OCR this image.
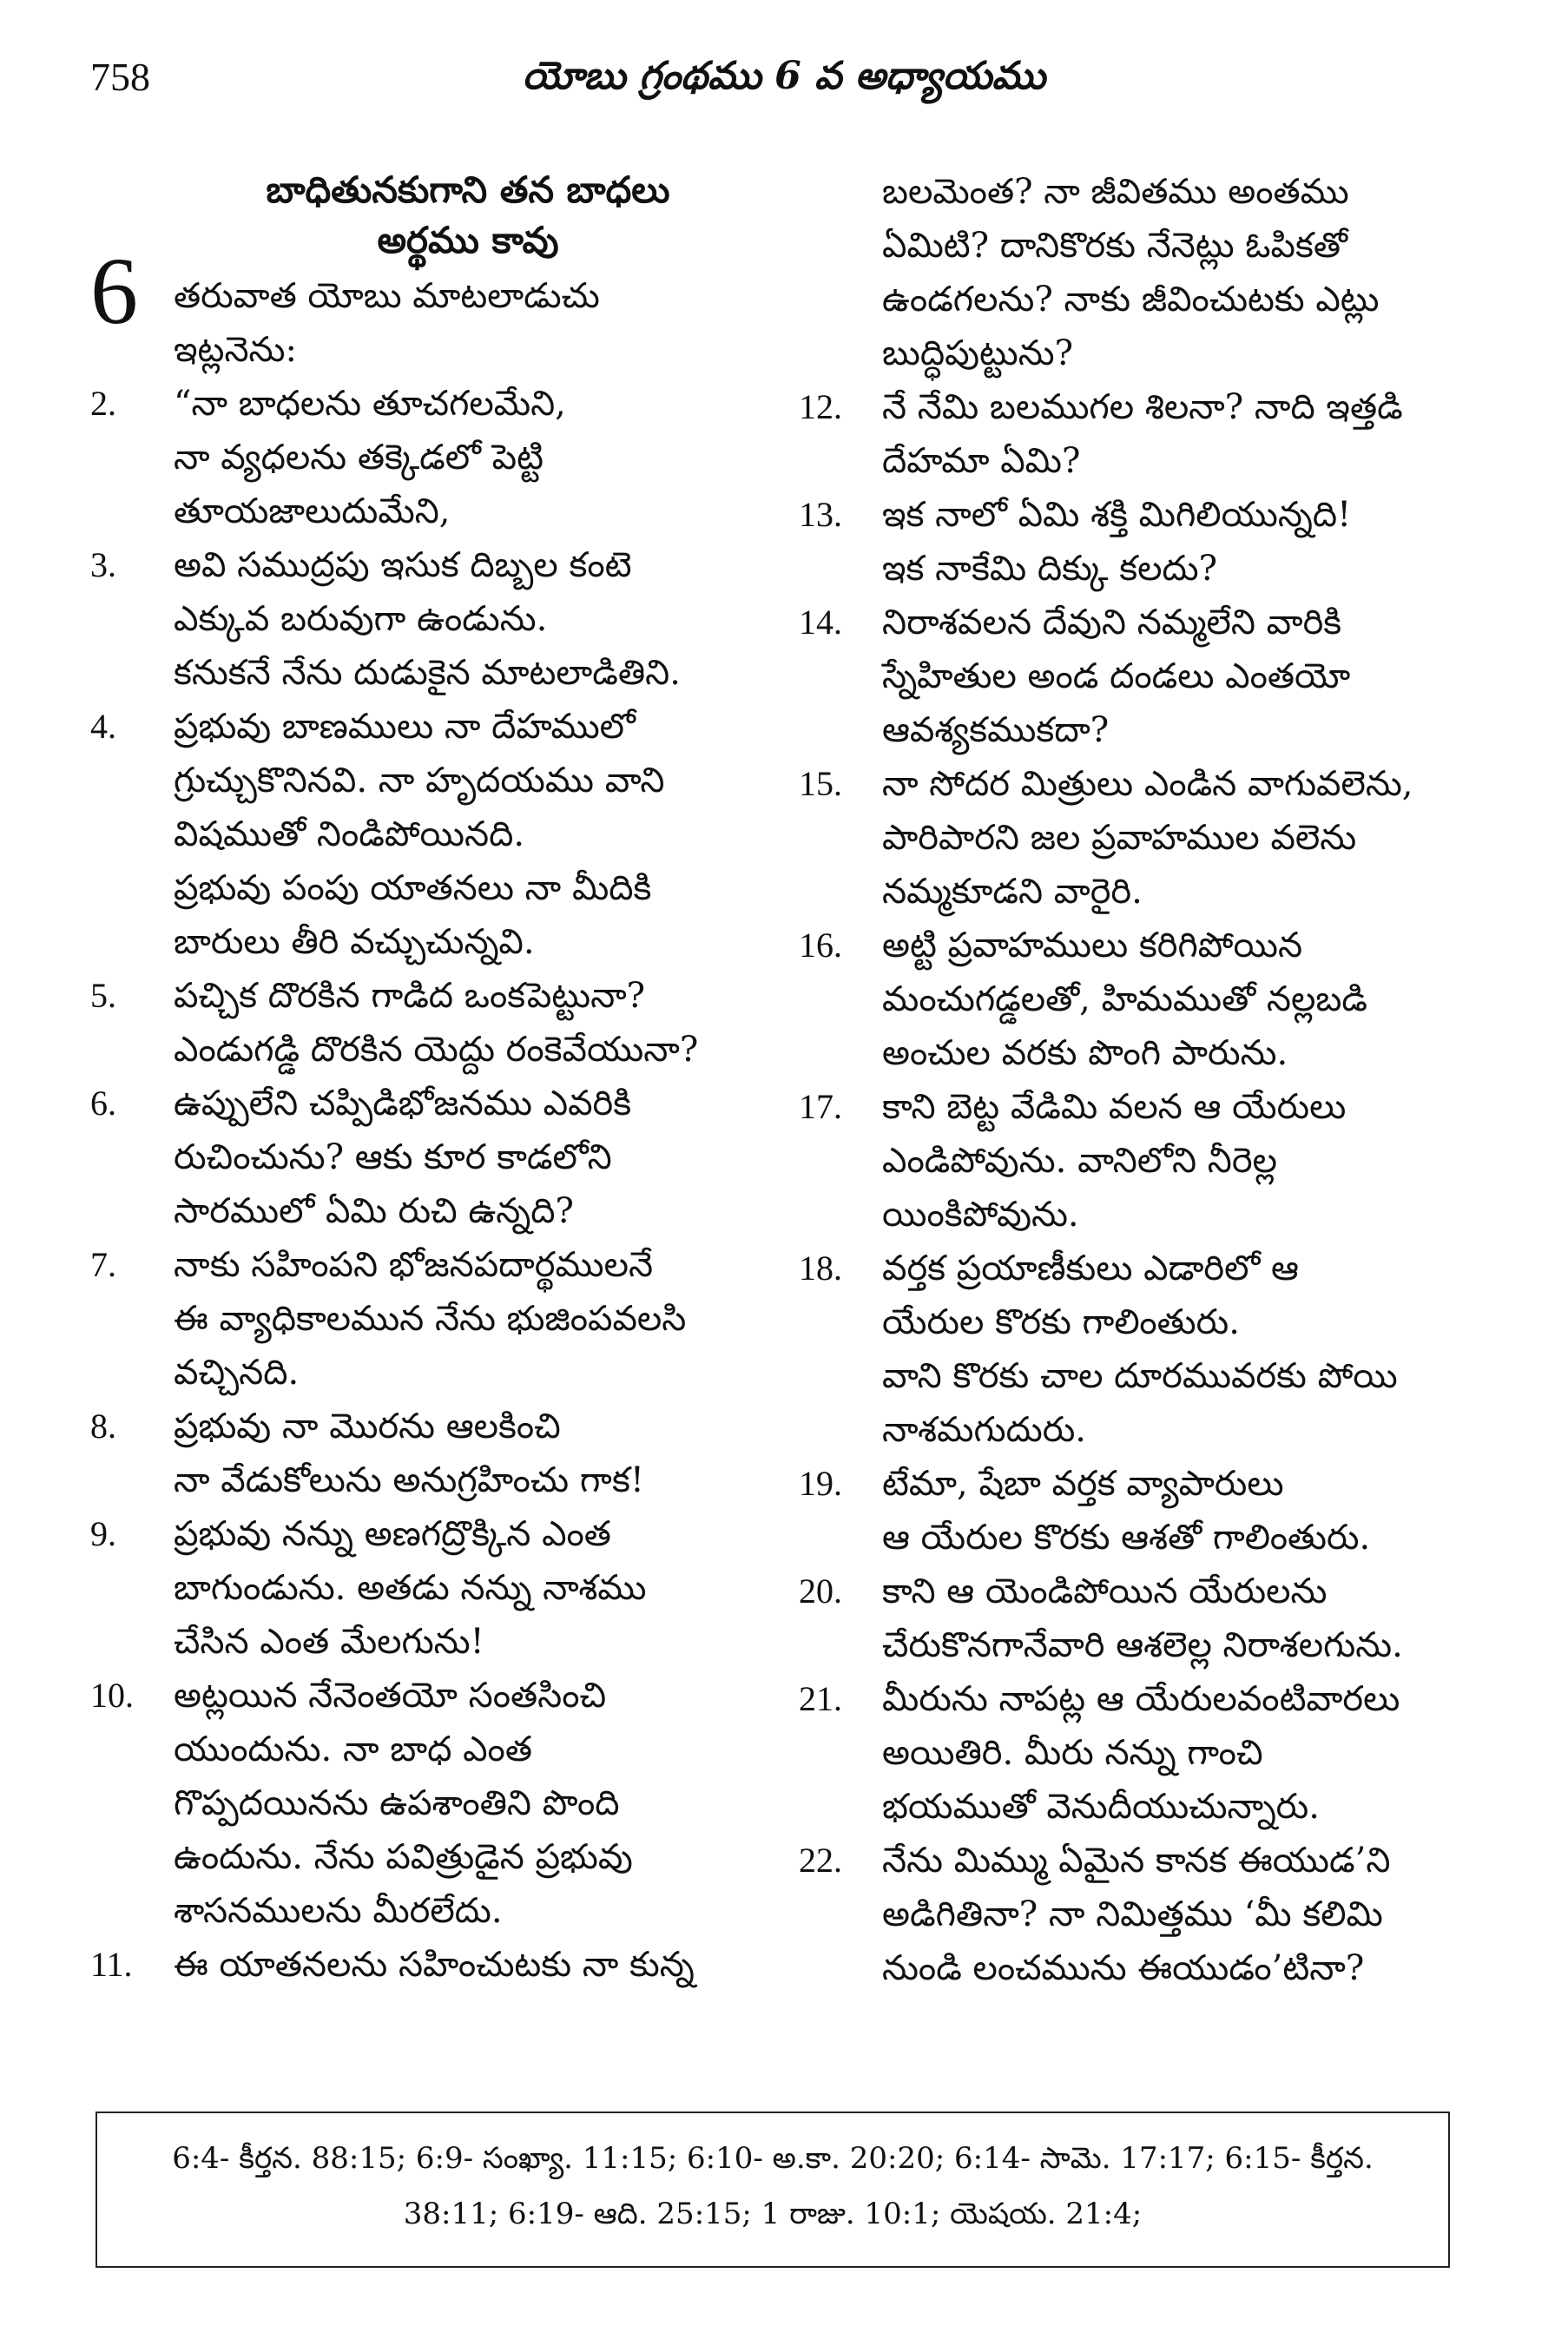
758	యోబు గ్రంథము 6 వ అధ్యాయము
బాధితునకుగాని తన బాధలు
అర్థము కావు
6 తరువాత యోబు మాటలాడుచు
ఇట్లనెను:
2.	“నా బాధలను తూచగలమేని,
నా వ్యధలను తక్కెడలో పెట్టి
తూయజాలుదుమేని,
3.	అవి సముద్రపు ఇసుక దిబ్బల కంటె
ఎక్కువ బరువుగా ఉండును.
కనుకనే నేను దుడుకైన మాటలాడితిని.
4.	ప్రభువు బాణములు నా దేహములో
గ్రుచ్చుకొనినవి. నా హృదయము వాని
విషముతో నిండిపోయినది.
ప్రభువు పంపు యాతనలు నా మీదికి
బారులు తీరి వచ్చుచున్నవి.
5.	పచ్చిక దొరకిన గాడిద ఒంకపెట్టునా?
ఎండుగడ్డి దొరకిన యెద్దు రంకెవేయునా?
6.	ఉప్పులేని చప్పిడిభోజనము ఎవరికి
రుచించును? ఆకు కూర కాడలోని
సారములో ఏమి రుచి ఉన్నది?
7.	నాకు సహింపని భోజనపదార్థములనే
ఈ వ్యాధికాలమున నేను భుజింపవలసి
వచ్చినది.
8.	ప్రభువు నా మొరను ఆలకించి
నా వేడుకోలును అనుగ్రహించు గాక!
9.	ప్రభువు నన్ను అణగద్రొక్కిన ఎంత
బాగుండును. అతడు నన్ను నాశము
చేసిన ఎంత మేలగును!
10.	అట్లయిన నేనెంతయో సంతసించి
యుందును. నా బాధ ఎంత
గొప్పదయినను ఉపశాంతిని పొంది
ఉందును. నేను పవిత్రుడైన ప్రభువు
శాసనములను మీరలేదు.
11.	ఈ యాతనలను సహించుటకు నా కున్న
బలమెంత? నా జీవితము అంతము
ఏమిటి? దానికొరకు నేనెట్లు ఓపికతో
ఉండగలను? నాకు జీవించుటకు ఎట్లు
బుద్ధిపుట్టును?
12.	నే నేమి బలముగల శిలనా? నాది ఇత్తడి
దేహమా ఏమి?
13.	ఇక నాలో ఏమి శక్తి మిగిలియున్నది!
ఇక నాకేమి దిక్కు కలదు?
14.	నిరాశవలన దేవుని నమ్మలేని వారికి
స్నేహితుల అండ దండలు ఎంతయో
ఆవశ్యకముకదా?
15.	నా సోదర మిత్రులు ఎండిన వాగువలెను,
పారిపారని జల ప్రవాహముల వలెను
నమ్మకూడని వారైరి.
16.	అట్టి ప్రవాహములు కరిగిపోయిన
మంచుగడ్డలతో, హిమముతో నల్లబడి
అంచుల వరకు పొంగి పారును.
17.	కాని బెట్ట వేడిమి వలన ఆ యేరులు
ఎండిపోవును. వానిలోని నీరెల్ల
యింకిపోవును.
18.	వర్తక ప్రయాణీకులు ఎడారిలో ఆ
యేరుల కొరకు గాలింతురు.
వాని కొరకు చాల దూరమువరకు పోయి
నాశమగుదురు.
19.	టేమా, షేబా వర్తక వ్యాపారులు
ఆ యేరుల కొరకు ఆశతో గాలింతురు.
20.	కాని ఆ యెండిపోయిన యేరులను
చేరుకొనగానేవారి ఆశలెల్ల నిరాశలగును.
21.	మీరును నాపట్ల ఆ యేరులవంటివారలు
అయితిరి. మీరు నన్ను గాంచి
భయముతో వెనుదీయుచున్నారు.
22.	నేను మిమ్ము ఏమైన కానక ఈయుడ’ని
అడిగితినా? నా నిమిత్తము ‘మీ కలిమి
నుండి లంచమును ఈయుడం’టినా?
6:4- కీర్తన. 88:15; 6:9- సంఖ్యా. 11:15; 6:10- అ.కా. 20:20; 6:14- సామె. 17:17; 6:15- కీర్తన.
38:11; 6:19- ఆది. 25:15; 1 రాజు. 10:1; యెషయ. 21:4;
